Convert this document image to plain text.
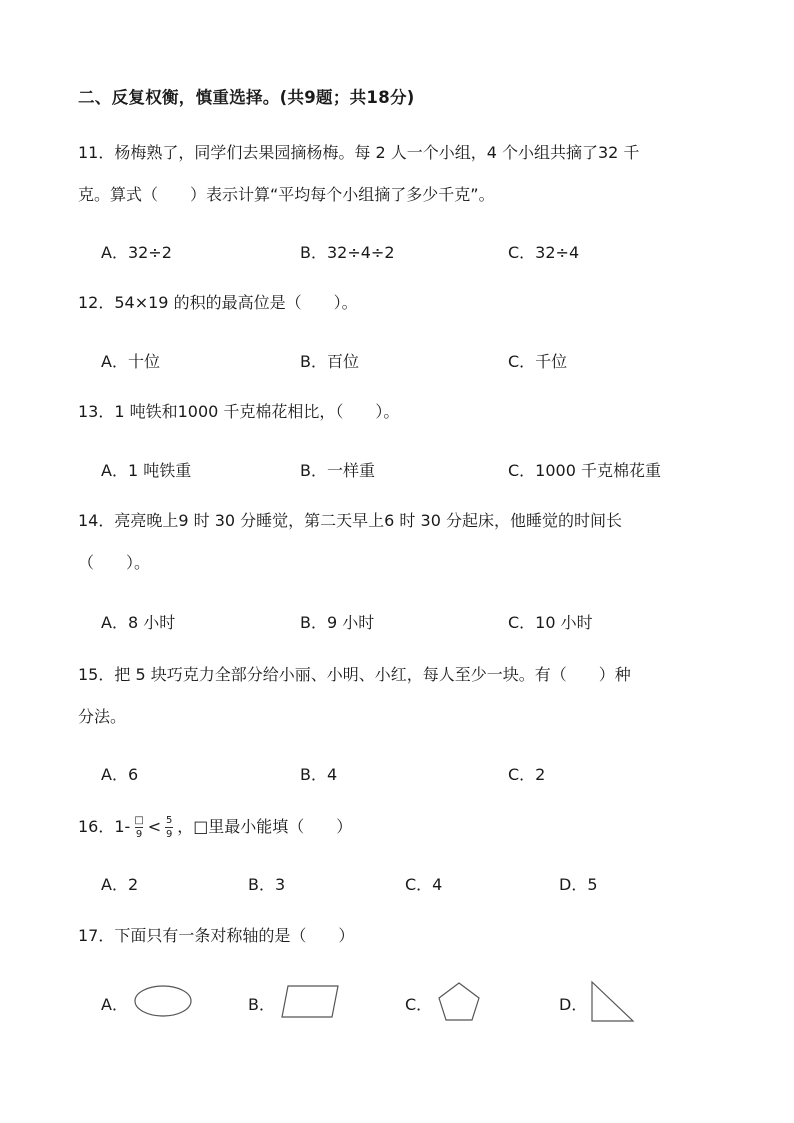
二、反复权衡，慎重选择。(共9题；共18分)
11．杨梅熟了，同学们去果园摘杨梅。每 2 人一个小组，4 个小组共摘了32 千
克。算式（　　）表示计算“平均每个小组摘了多少千克”。
A．32÷2	B．32÷4÷2	C．32÷4
12．54×19 的积的最高位是（　　）。
A．十位	B．百位	C．千位
13．1 吨铁和1000 千克棉花相比，（　　）。
A．1 吨铁重	B．一样重	C．1000 千克棉花重
14．亮亮晚上9 时 30 分睡觉，第二天早上6 时 30 分起床，他睡觉的时间长
（　　）。
A．8 小时	B．9 小时	C．10 小时
15．把 5 块巧克力全部分给小丽、小明、小红，每人至少一块。有（　　）种
分法。
A．6	B．4	C．2
16．$1- \frac{□}{9} < \frac{5}{9}$ ，□里最小能填（　　）
A．2	B．3	C．4	D．5
17．下面只有一条对称轴的是（　　）
A．	B．	C．	D．
